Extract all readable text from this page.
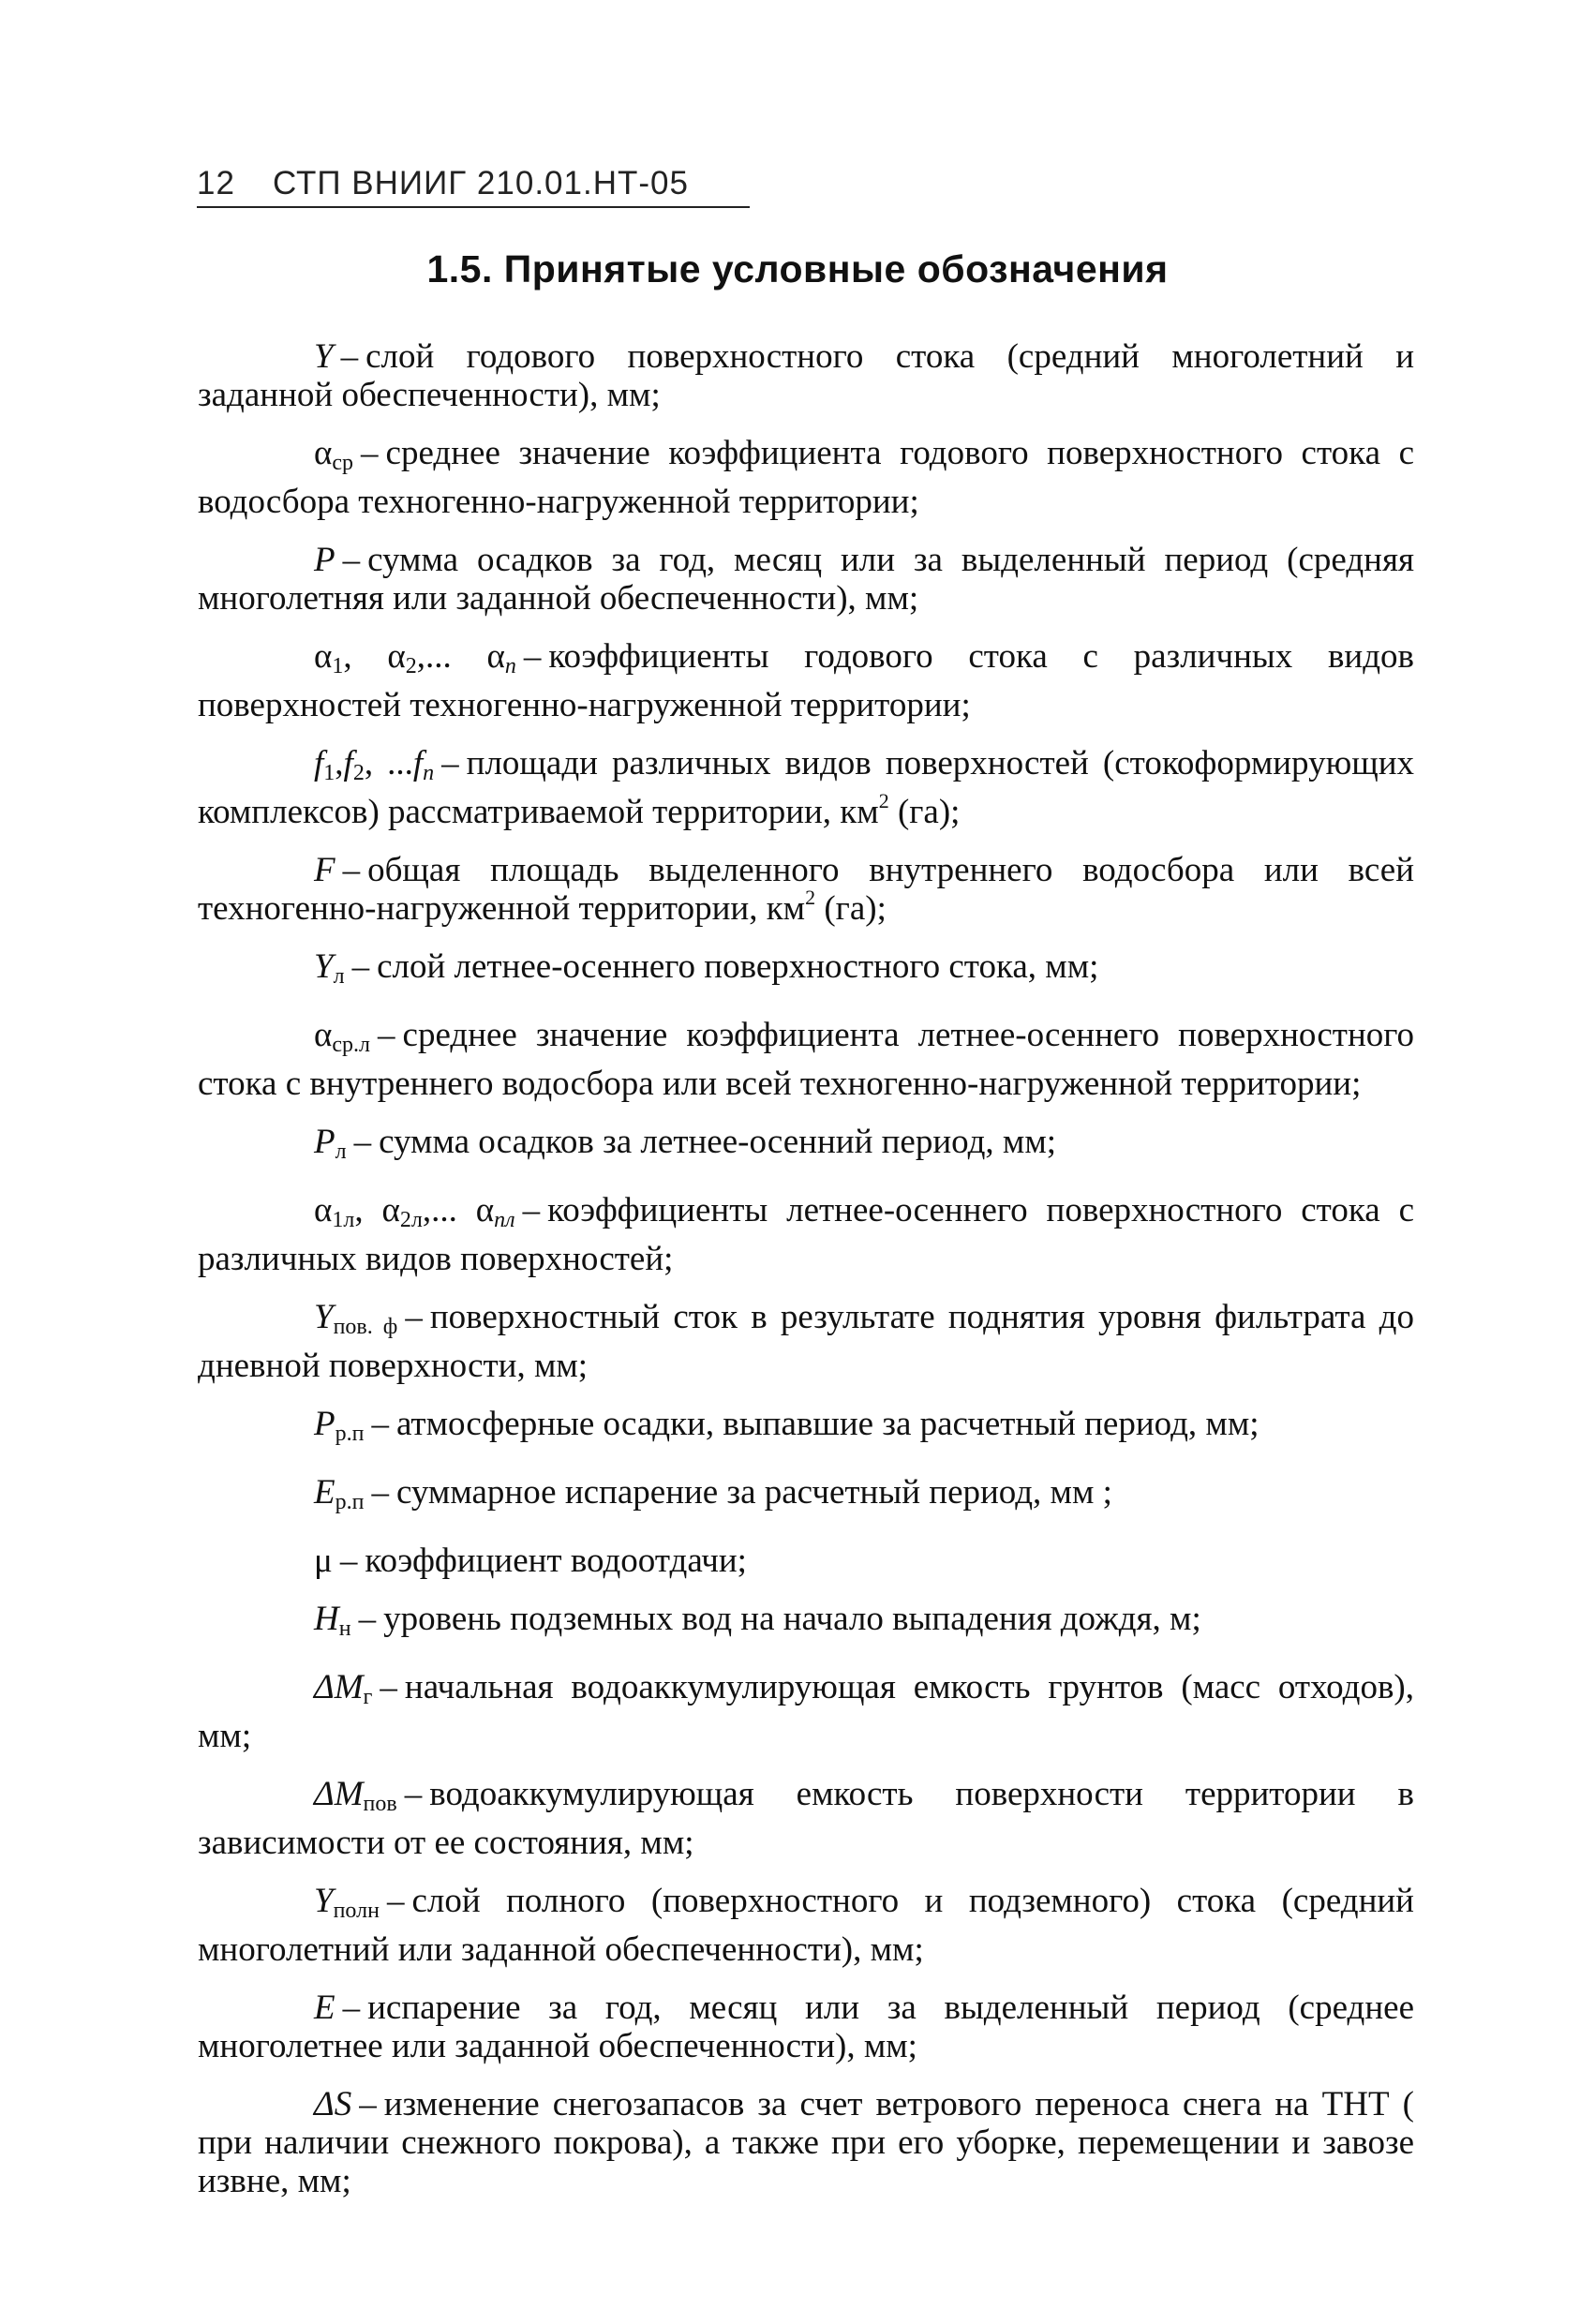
12 СТП ВНИИГ 210.01.НТ-05
1.5. Принятые условные обозначения

Y – слой годового поверхностного стока (средний многолетний и заданной обеспеченности), мм;

$\alpha_{ср}$ – среднее значение коэффициента годового поверхностного стока с водосбора техногенно-нагруженной территории;

P – сумма осадков за год, месяц или за выделенный период (средняя многолетняя или заданной обеспеченности), мм;

$\alpha_1$, $\alpha_2$,... αn – коэффициенты годового стока с различных видов поверхностей техногенно-нагруженной территории;

$f_1,f_2$, ...fn – площади различных видов поверхностей (стокоформирующих комплексов) рассматриваемой территории, $км^2$ (га);

F – общая площадь выделенного внутреннего водосбора или всей техногенно-нагруженной территории, $км^2$ (га);

$Y_л$ – слой летнее-осеннего поверхностного стока, мм;

$\alpha_{ср.л}$ – среднее значение коэффициента летнее-осеннего поверхностного стока с внутреннего водосбора или всей техногенно-нагруженной территории;

$P_л$ – сумма осадков за летнее-осенний период, мм;

$\alpha_{1л}$, $\alpha_{2л}$,... αnл – коэффициенты летнее-осеннего поверхностного стока с различных видов поверхностей;

$Y_{пов. ф}$ – поверхностный сток в результате поднятия уровня фильтрата до дневной поверхности, мм;

$P_{р.п}$ – атмосферные осадки, выпавшие за расчетный период, мм;

$E_{р.п}$ – суммарное испарение за расчетный период, мм ;

μ – коэффициент водоотдачи;

$H_н$ – уровень подземных вод на начало выпадения дождя, м;

$\Delta M_г$ – начальная водоаккумулирующая емкость грунтов (масс отходов), мм;

$\Delta M_{пов}$ – водоаккумулирующая емкость поверхности территории в зависимости от ее состояния, мм;

$Y_{полн}$ – слой полного (поверхностного и подземного) стока (средний многолетний или заданной обеспеченности), мм;

E – испарение за год, месяц или за выделенный период (среднее многолетнее или заданной обеспеченности), мм;

ΔS – изменение снегозапасов за счет ветрового переноса снега на ТНТ ( при наличии снежного покрова), а также при его уборке, перемещении и завозе извне, мм;
